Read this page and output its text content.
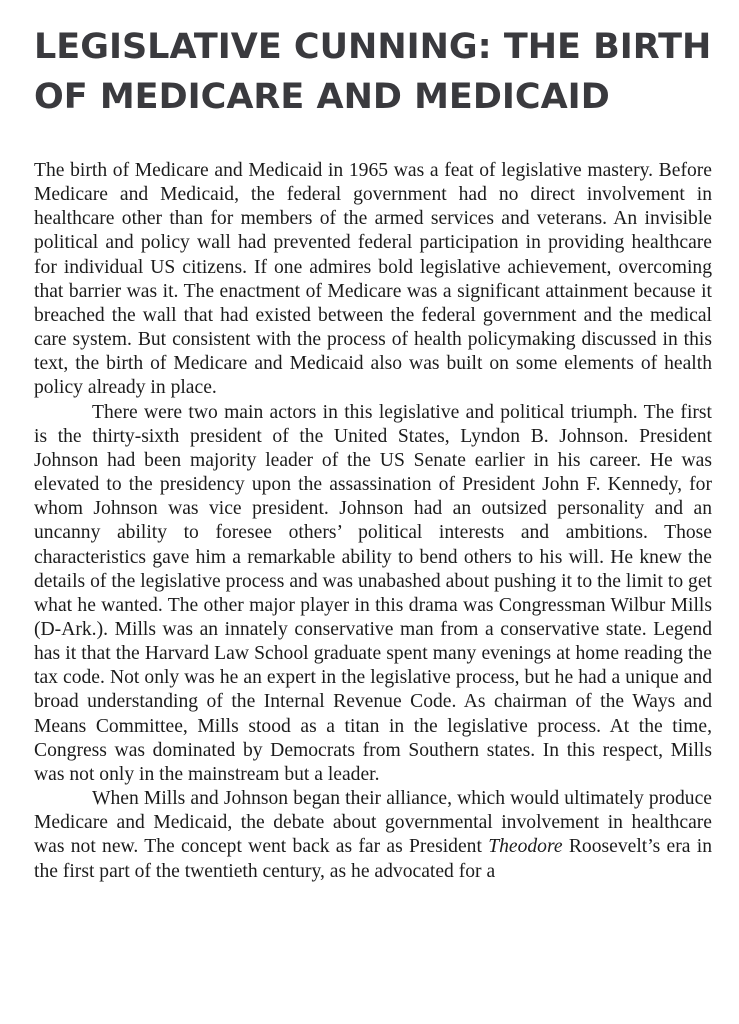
LEGISLATIVE CUNNING: THE BIRTH OF MEDICARE AND MEDICAID

The birth of Medicare and Medicaid in 1965 was a feat of legislative mastery. Before Medicare and Medicaid, the federal government had no direct involvement in healthcare other than for members of the armed services and veterans. An invisible political and policy wall had prevented federal participation in providing healthcare for individual US citizens. If one admires bold legislative achievement, overcoming that barrier was it. The enactment of Medicare was a significant attainment because it breached the wall that had existed between the federal government and the medical care system. But consistent with the process of health policymaking discussed in this text, the birth of Medicare and Medicaid also was built on some elements of health policy already in place.

There were two main actors in this legislative and political triumph. The first is the thirty-sixth president of the United States, Lyndon B. Johnson. President Johnson had been majority leader of the US Senate earlier in his career. He was elevated to the presidency upon the assassination of President John F. Kennedy, for whom Johnson was vice president. Johnson had an outsized personality and an uncanny ability to foresee others’ political interests and ambitions. Those characteristics gave him a remarkable ability to bend others to his will. He knew the details of the legislative process and was unabashed about pushing it to the limit to get what he wanted. The other major player in this drama was Congressman Wilbur Mills (D-Ark.). Mills was an innately conservative man from a conservative state. Legend has it that the Harvard Law School graduate spent many evenings at home reading the tax code. Not only was he an expert in the legislative process, but he had a unique and broad understanding of the Internal Revenue Code. As chairman of the Ways and Means Committee, Mills stood as a titan in the legislative process. At the time, Congress was dominated by Democrats from Southern states. In this respect, Mills was not only in the mainstream but a leader.

When Mills and Johnson began their alliance, which would ultimately produce Medicare and Medicaid, the debate about governmental involvement in healthcare was not new. The concept went back as far as President Theodore Roosevelt’s era in the first part of the twentieth century, as he advocated for a
